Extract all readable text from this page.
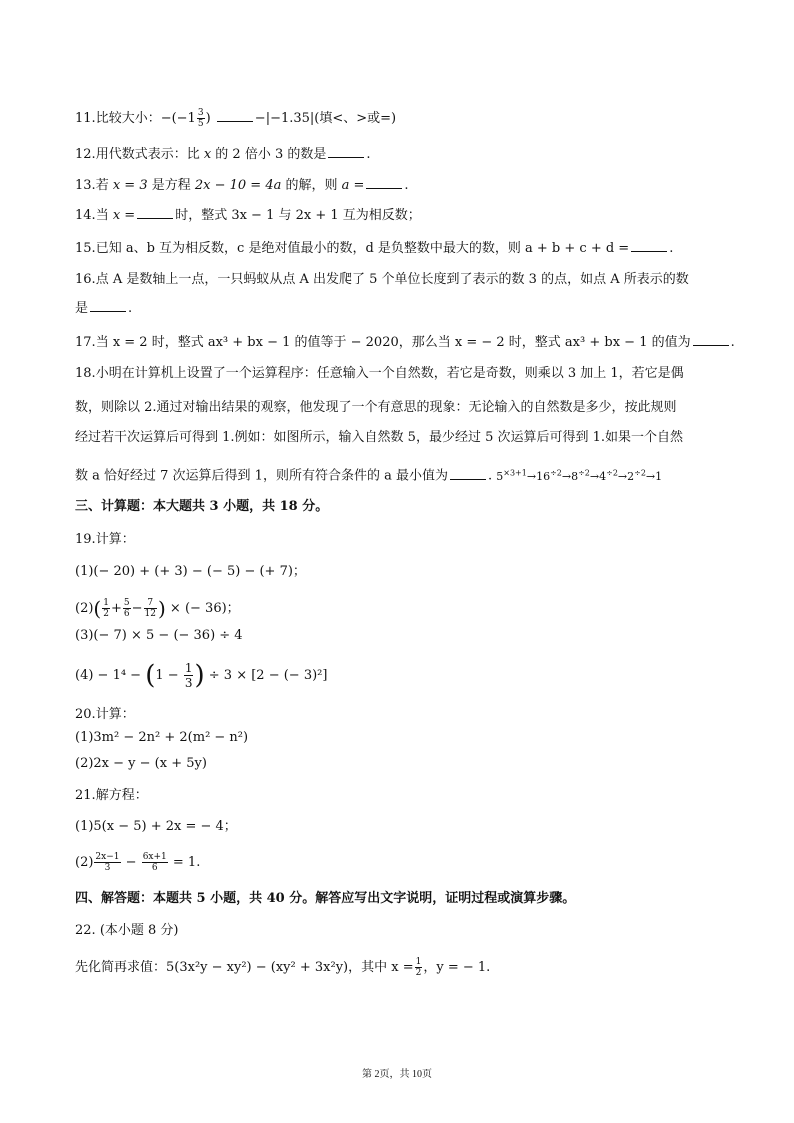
11.比较大小：$-(-1 \frac{3}{5}$ )	−|−1.35|(填<、>或=)
12.用代数式表示：比 x 的 2 倍小 3 的数是	.
13.若 x = 3 是方程 2x − 10 = 4a 的解，则 a =	.
14.当 x =	时，整式 3x − 1 与 2x + 1 互为相反数；
15.已知 a、b 互为相反数，c 是绝对值最小的数，d 是负整数中最大的数，则 a + b + c + d =	.
16.点 A 是数轴上一点，一只蚂蚁从点 A 出发爬了 5 个单位长度到了表示的数 3 的点，如点 A 所表示的数
是	.
17.当 x = 2 时，整式 ax³ + bx − 1 的值等于 − 2020，那么当 x = − 2 时，整式 ax³ + bx − 1 的值为	.
18.小明在计算机上设置了一个运算程序：任意输入一个自然数，若它是奇数，则乘以 3 加上 1，若它是偶
数，则除以 2.通过对输出结果的观察，他发现了一个有意思的现象：无论输入的自然数是多少，按此规则
经过若干次运算后可得到 1.例如：如图所示，输入自然数 5，最少经过 5 次运算后可得到 1.如果一个自然
数 a 恰好经过 7 次运算后得到 1，则所有符合条件的 a 最小值为	. $5^{\times 3+1}\to 16^{\div 2}\to 8^{\div 2}\to 4^{\div 2}\to 2^{\div 2}\to 1$
三、计算题：本大题共 3 小题，共 18 分。
19.计算：
(1)(− 20) + (+ 3) − (− 5) − (+ 7)；
$(2)( \frac{1}{2} + \frac{5}{6} - \frac{7}{12}$ ) × (− 36)；
(3)(− 7) × 5 − (− 36) ÷ 4
$(4) - 1^4 - (1 - \frac{1}{3}$ ) ÷ 3 × [2 − (− 3)²]
20.计算：
(1)3m² − 2n² + 2(m² − n²)
(2)2x − y − (x + 5y)
21.解方程：
(1)5(x − 5) + 2x = − 4；
$(2) \frac{2x-1}{3} - \frac{6x+1}{6} = 1$.
四、解答题：本题共 5 小题，共 40 分。解答应写出文字说明，证明过程或演算步骤。
22. (本小题 8 分)
先化简再求值：5(3x²y − xy²) − (xy² + 3x²y)，其中 $x = \frac{1}{2}$ ，y = − 1.
第 2页，共 10页
